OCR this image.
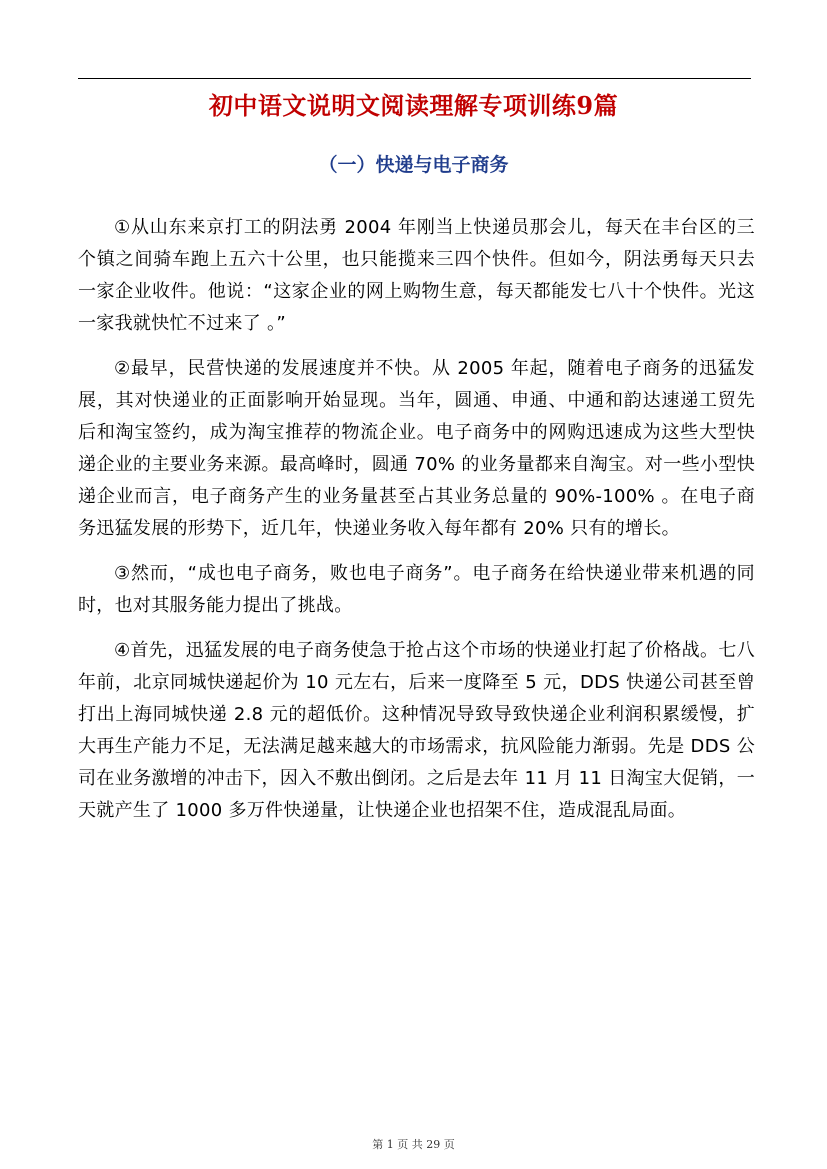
初中语文说明文阅读理解专项训练9篇
（一）快递与电子商务

①从山东来京打工的阴法勇 2004 年刚当上快递员那会儿，每天在丰台区的三个镇之间骑车跑上五六十公里，也只能揽来三四个快件。但如今，阴法勇每天只去一家企业收件。他说：“这家企业的网上购物生意，每天都能发七八十个快件。光这一家我就快忙不过来了 。”

②最早，民营快递的发展速度并不快。从 2005 年起，随着电子商务的迅猛发展，其对快递业的正面影响开始显现。当年，圆通、申通、中通和韵达速递工贸先后和淘宝签约，成为淘宝推荐的物流企业。电子商务中的网购迅速成为这些大型快递企业的主要业务来源。最高峰时，圆通 70% 的业务量都来自淘宝。对一些小型快递企业而言，电子商务产生的业务量甚至占其业务总量的 90%-100% 。在电子商务迅猛发展的形势下，近几年，快递业务收入每年都有 20% 只有的增长。

③然而，“成也电子商务，败也电子商务”。电子商务在给快递业带来机遇的同时，也对其服务能力提出了挑战。

④首先，迅猛发展的电子商务使急于抢占这个市场的快递业打起了价格战。七八年前，北京同城快递起价为 10 元左右，后来一度降至 5 元，DDS 快递公司甚至曾打出上海同城快递 2.8 元的超低价。这种情况导致导致快递企业利润积累缓慢，扩大再生产能力不足，无法满足越来越大的市场需求，抗风险能力渐弱。先是 DDS 公司在业务激增的冲击下，因入不敷出倒闭。之后是去年 11 月 11 日淘宝大促销，一天就产生了 1000 多万件快递量，让快递企业也招架不住，造成混乱局面。

第 1 页 共 29 页
